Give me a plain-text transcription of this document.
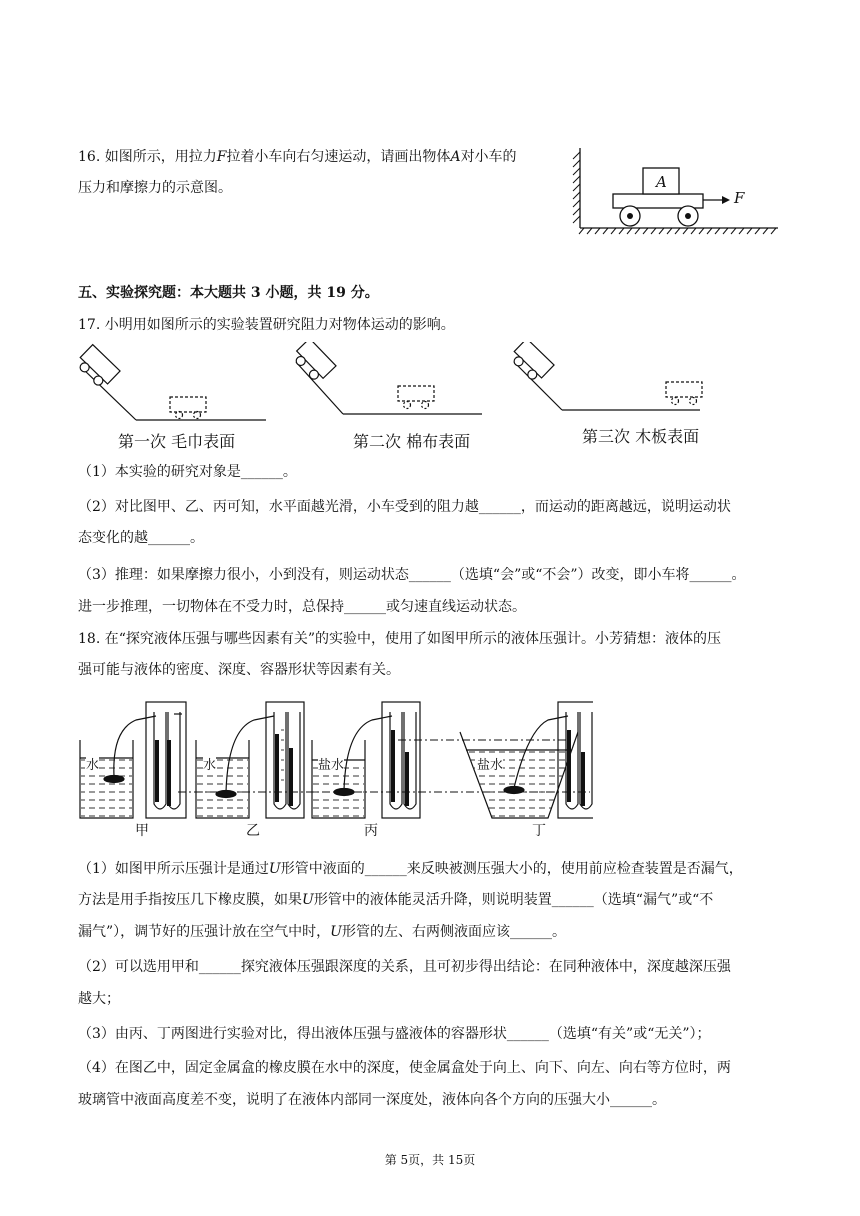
16. 如图所示，用拉力F拉着小车向右匀速运动，请画出物体A对小车的
压力和摩擦力的示意图。	A
F
五、实验探究题：本大题共 3 小题，共 19 分。
17. 小明用如图所示的实验装置研究阻力对物体运动的影响。
第一次 毛巾表面	第二次 棉布表面	第三次 木板表面
（1）本实验的研究对象是______。
（2）对比图甲、乙、丙可知，水平面越光滑，小车受到的阻力越______，而运动的距离越远，说明运动状
态变化的越______。
（3）推理：如果摩擦力很小，小到没有，则运动状态______（选填“会”或“不会”）改变，即小车将______。
进一步推理，一切物体在不受力时，总保持______或匀速直线运动状态。
18. 在“探究液体压强与哪些因素有关”的实验中，使用了如图甲所示的液体压强计。小芳猜想：液体的压
强可能与液体的密度、深度、容器形状等因素有关。
水	水	盐水	盐水
甲	乙	丙	丁
（1）如图甲所示压强计是通过U形管中液面的______来反映被测压强大小的，使用前应检查装置是否漏气，
方法是用手指按压几下橡皮膜，如果U形管中的液体能灵活升降，则说明装置______（选填“漏气”或“不
漏气”），调节好的压强计放在空气中时，U形管的左、右两侧液面应该______。
（2）可以选用甲和______探究液体压强跟深度的关系，且可初步得出结论：在同种液体中，深度越深压强
越大；
（3）由丙、丁两图进行实验对比，得出液体压强与盛液体的容器形状______（选填“有关”或“无关”）；
（4）在图乙中，固定金属盒的橡皮膜在水中的深度，使金属盒处于向上、向下、向左、向右等方位时，两
玻璃管中液面高度差不变，说明了在液体内部同一深度处，液体向各个方向的压强大小______。
第 5页，共 15页
